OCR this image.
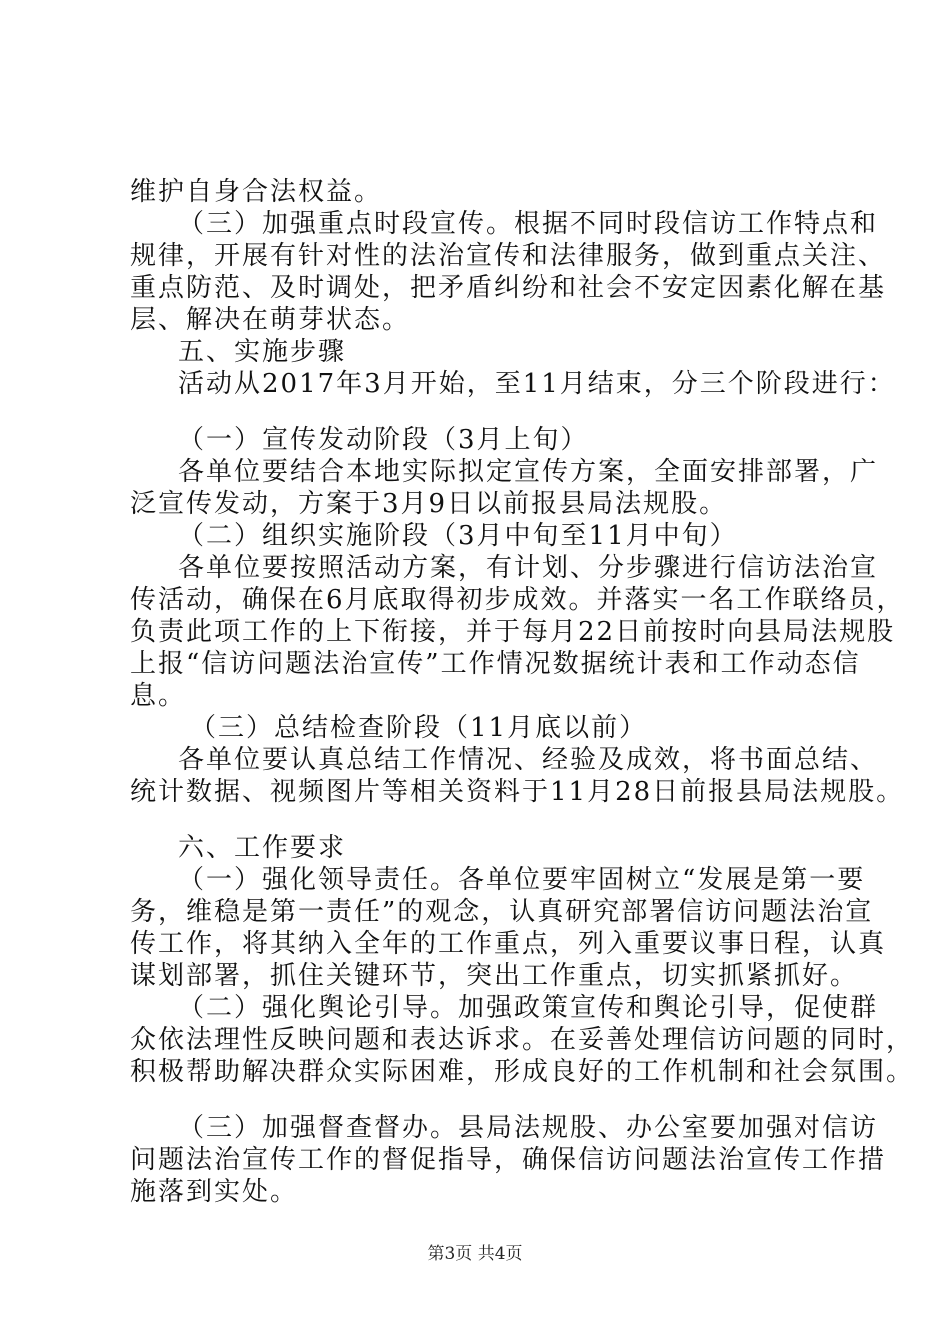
维护自身合法权益。
（三）加强重点时段宣传。根据不同时段信访工作特点和
规律，开展有针对性的法治宣传和法律服务，做到重点关注、
重点防范、及时调处，把矛盾纠纷和社会不安定因素化解在基
层、解决在萌芽状态。
五、实施步骤
活动从2017年3月开始，至11月结束，分三个阶段进行：
（一）宣传发动阶段（3月上旬）
各单位要结合本地实际拟定宣传方案，全面安排部署，广
泛宣传发动，方案于3月9日以前报县局法规股。
（二）组织实施阶段（3月中旬至11月中旬）
各单位要按照活动方案，有计划、分步骤进行信访法治宣
传活动，确保在6月底取得初步成效。并落实一名工作联络员，
负责此项工作的上下衔接，并于每月22日前按时向县局法规股
上报“信访问题法治宣传”工作情况数据统计表和工作动态信
息。
（三）总结检查阶段（11月底以前）
各单位要认真总结工作情况、经验及成效，将书面总结、
统计数据、视频图片等相关资料于11月28日前报县局法规股。
六、工作要求
（一）强化领导责任。各单位要牢固树立“发展是第一要
务，维稳是第一责任”的观念，认真研究部署信访问题法治宣
传工作，将其纳入全年的工作重点，列入重要议事日程，认真
谋划部署，抓住关键环节，突出工作重点，切实抓紧抓好。
（二）强化舆论引导。加强政策宣传和舆论引导，促使群
众依法理性反映问题和表达诉求。在妥善处理信访问题的同时，
积极帮助解决群众实际困难，形成良好的工作机制和社会氛围。
（三）加强督查督办。县局法规股、办公室要加强对信访
问题法治宣传工作的督促指导，确保信访问题法治宣传工作措
施落到实处。
第3页 共4页
